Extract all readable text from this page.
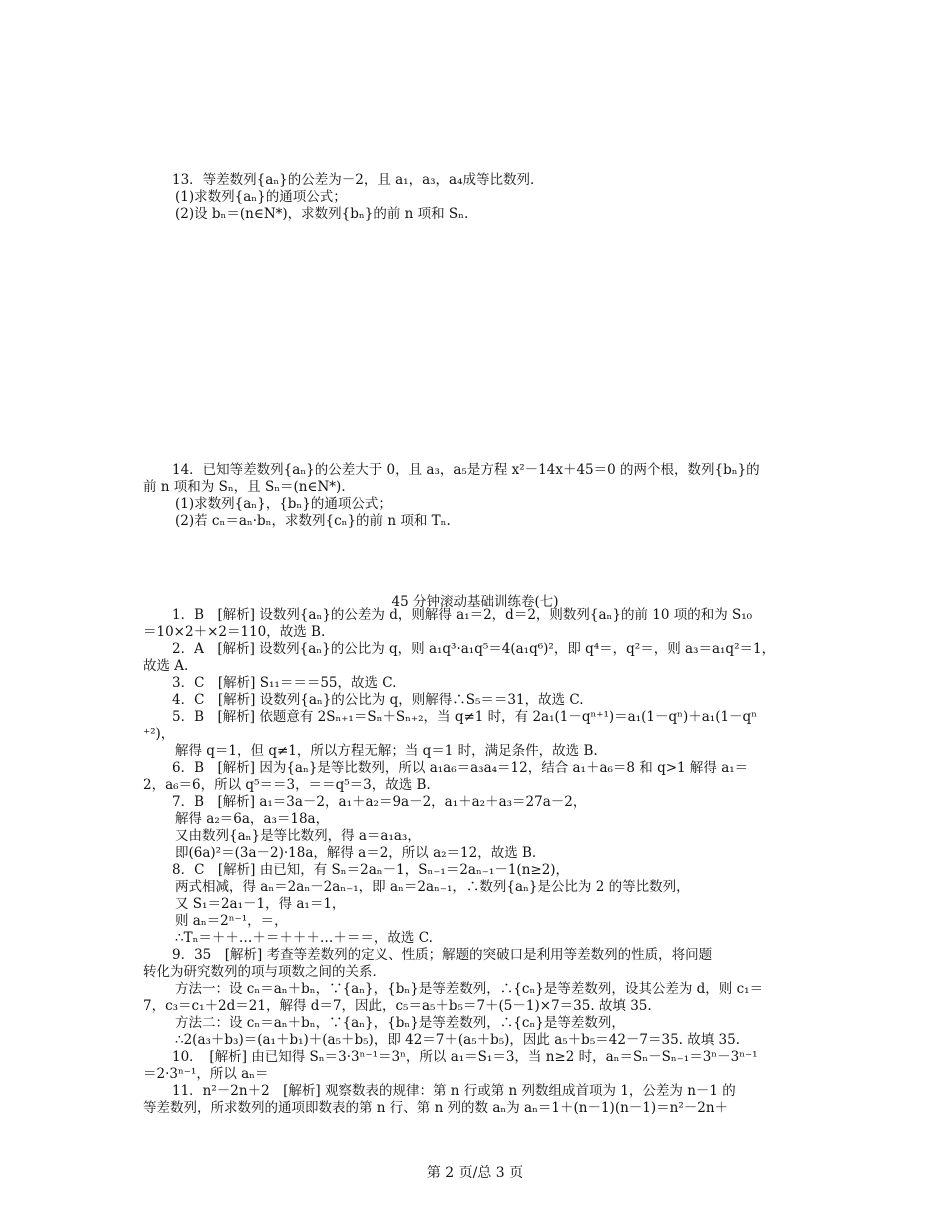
13．等差数列{aₙ}的公差为－2，且 a₁，a₃，a₄成等比数列．
(1)求数列{aₙ}的通项公式；
(2)设 bₙ＝(n∈N*)，求数列{bₙ}的前 n 项和 Sₙ.
14．已知等差数列{aₙ}的公差大于 0，且 a₃，a₅是方程 x²－14x＋45＝0 的两个根，数列{bₙ}的
前 n 项和为 Sₙ，且 Sₙ＝(n∈N*)．
(1)求数列{aₙ}，{bₙ}的通项公式；
(2)若 cₙ＝aₙ·bₙ，求数列{cₙ}的前 n 项和 Tₙ.
45 分钟滚动基础训练卷(七)
1．B　[解析] 设数列{aₙ}的公差为 d，则解得 a₁＝2，d＝2，则数列{aₙ}的前 10 项的和为 S₁₀
＝10×2＋×2＝110，故选 B.
2．A　[解析] 设数列{aₙ}的公比为 q，则 a₁q³·a₁q⁵＝4(a₁q⁶)²，即 q⁴＝，q²＝，则 a₃＝a₁q²＝1，
故选 A.
3．C　[解析] S₁₁＝＝＝55，故选 C.
4．C　[解析] 设数列{aₙ}的公比为 q，则解得∴S₅＝＝31，故选 C.
5．B　[解析] 依题意有 2Sₙ₊₁＝Sₙ＋Sₙ₊₂，当 q≠1 时，有 2a₁(1－qⁿ⁺¹)＝a₁(1－qⁿ)＋a₁(1－qⁿ
⁺²)，
解得 q＝1，但 q≠1，所以方程无解；当 q＝1 时，满足条件，故选 B.
6．B　[解析] 因为{aₙ}是等比数列，所以 a₁a₆＝a₃a₄＝12，结合 a₁＋a₆＝8 和 q>1 解得 a₁＝
2，a₆＝6，所以 q⁵＝＝3，＝＝q⁵＝3，故选 B.
7．B　[解析] a₁＝3a－2，a₁＋a₂＝9a－2，a₁＋a₂＋a₃＝27a－2，
解得 a₂＝6a，a₃＝18a，
又由数列{aₙ}是等比数列，得 a＝a₁a₃，
即(6a)²＝(3a－2)·18a，解得 a＝2，所以 a₂＝12，故选 B.
8．C　[解析] 由已知，有 Sₙ＝2aₙ－1，Sₙ₋₁＝2aₙ₋₁－1(n≥2)，
两式相减，得 aₙ＝2aₙ－2aₙ₋₁，即 aₙ＝2aₙ₋₁，∴数列{aₙ}是公比为 2 的等比数列，
又 S₁＝2a₁－1，得 a₁＝1，
则 aₙ＝2ⁿ⁻¹，＝，
∴Tₙ＝＋＋…＋＝＋＋＋…＋＝＝，故选 C.
9．35　[解析] 考查等差数列的定义、性质；解题的突破口是利用等差数列的性质，将问题
转化为研究数列的项与项数之间的关系．
方法一：设 cₙ＝aₙ＋bₙ，∵{aₙ}，{bₙ}是等差数列，∴{cₙ}是等差数列，设其公差为 d，则 c₁＝
7，c₃＝c₁＋2d＝21，解得 d＝7，因此，c₅＝a₅＋b₅＝7＋(5－1)×7＝35. 故填 35.
方法二：设 cₙ＝aₙ＋bₙ，∵{aₙ}，{bₙ}是等差数列，∴{cₙ}是等差数列，
∴2(a₃＋b₃)＝(a₁＋b₁)＋(a₅＋b₅)，即 42＝7＋(a₅＋b₅)，因此 a₅＋b₅＝42－7＝35. 故填 35.
10．　[解析] 由已知得 Sₙ＝3·3ⁿ⁻¹＝3ⁿ，所以 a₁＝S₁＝3，当 n≥2 时，aₙ＝Sₙ－Sₙ₋₁＝3ⁿ－3ⁿ⁻¹
＝2·3ⁿ⁻¹，所以 aₙ＝
11．n²－2n＋2　[解析] 观察数表的规律：第 n 行或第 n 列数组成首项为 1，公差为 n－1 的
等差数列，所求数列的通项即数表的第 n 行、第 n 列的数 aₙ为 aₙ＝1＋(n－1)(n－1)＝n²－2n＋
第 2 页/总 3 页
